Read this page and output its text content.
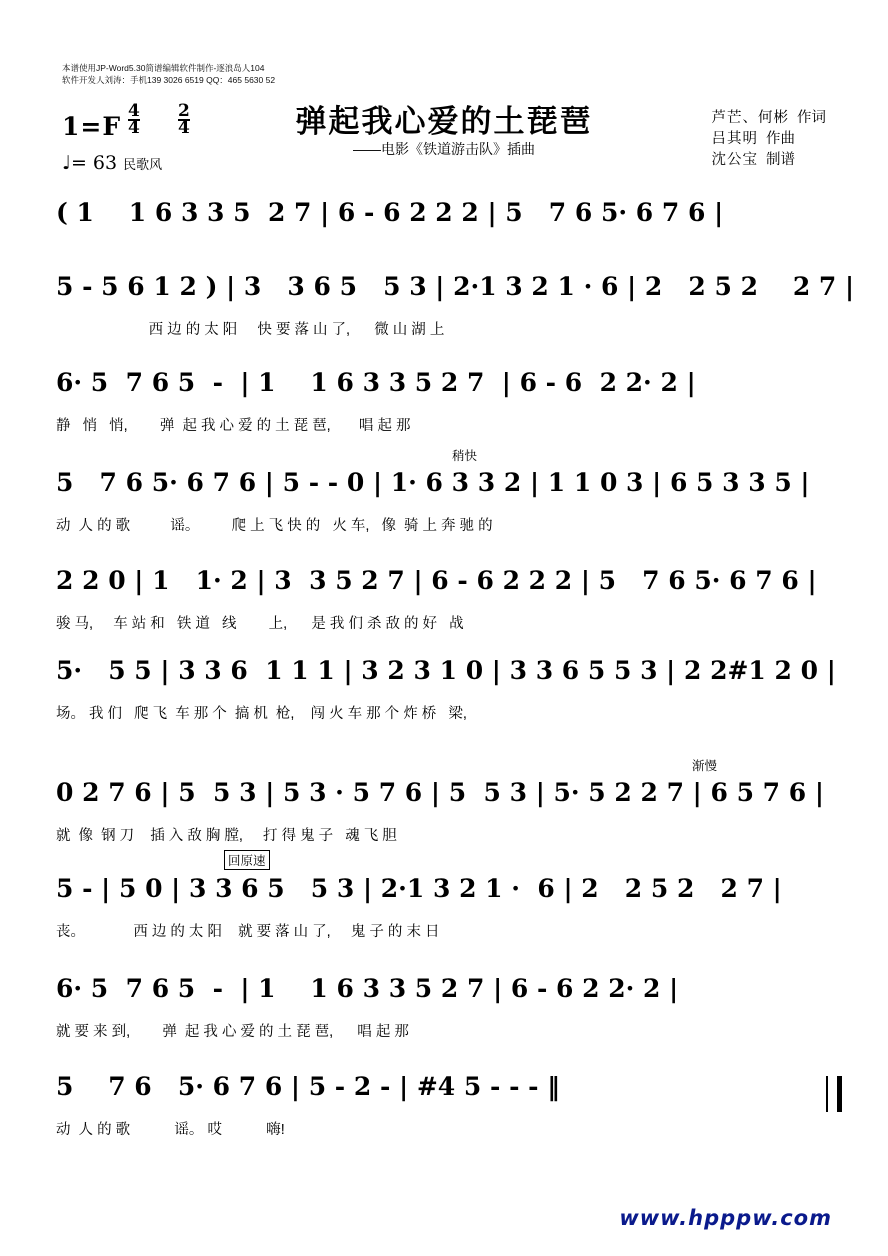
本谱使用JP-Word5.30简谱编辑软件制作-逐浪岛人104
软件开发人刘涛：手机139 3026 6519 QQ：465 5630 52
弹起我心爱的土琵琶
——电影《铁道游击队》插曲
芦芒、何彬 作词
吕其明 作曲
沈公宝 制谱
$1=F \frac{4}{4} \frac{2}{4}$
♩= 63 民歌风
( 1    1 6 3 3 5  2 7 | 6 - 6 2 2 2 | 5   7 6 5· 6 7 6 |
5 - 5 6 1 2 ) | 3   3 6 5   5 3 | 2·1 3 2 1 · 6 | 2   2 5 2    2 7 |
西 边 的 太 阳     快 要 落 山 了,      微 山 湖 上
6· 5  7 6 5  -  | 1    1 6 3 3 5 2 7  | 6 - 6  2 2· 2 |
静   悄   悄,        弹  起 我 心 爱 的 土 琵 琶,       唱 起 那
稍快
5   7 6 5· 6 7 6 | 5 - - 0 | 1· 6 3 3 2 | 1 1 0 3 | 6 5 3 3 5 |
动  人 的 歌          谣。        爬 上 飞 快 的   火 车,   像  骑 上 奔 驰 的
2 2 0 | 1   1· 2 | 3  3 5 2 7 | 6 - 6 2 2 2 | 5   7 6 5· 6 7 6 |
骏 马,     车 站 和   铁 道   线        上,      是 我 们 杀 敌 的 好   战
5·   5 5 | 3 3 6  1 1 1 | 3 2 3 1 0 | 3 3 6 5 5 3 | 2 2#1 2 0 |
场。 我 们   爬 飞  车 那 个  搞 机  枪,    闯 火 车 那 个 炸 桥   梁,
渐慢
0 2 7 6 | 5  5 3 | 5 3 · 5 7 6 | 5  5 3 | 5· 5 2 2 7 | 6 5 7 6 |
就  像  钢 刀    插 入 敌 胸 膛,     打 得 鬼 子   魂 飞 胆
回原速
5 - | 5 0 | 3 3 6 5   5 3 | 2·1 3 2 1 ·  6 | 2   2 5 2   2 7 |
丧。            西 边 的 太 阳    就 要 落 山 了,     鬼 子 的 末 日
6· 5  7 6 5  -  | 1    1 6 3 3 5 2 7 | 6 - 6 2 2· 2 |
就 要 来 到,        弹  起 我 心 爱 的 土 琵 琶,      唱 起 那
5    7 6   5· 6 7 6 | 5 - 2 - | #4 5 - - - ‖
动  人 的 歌           谣。 哎           嗨!
www.hpppw.com
